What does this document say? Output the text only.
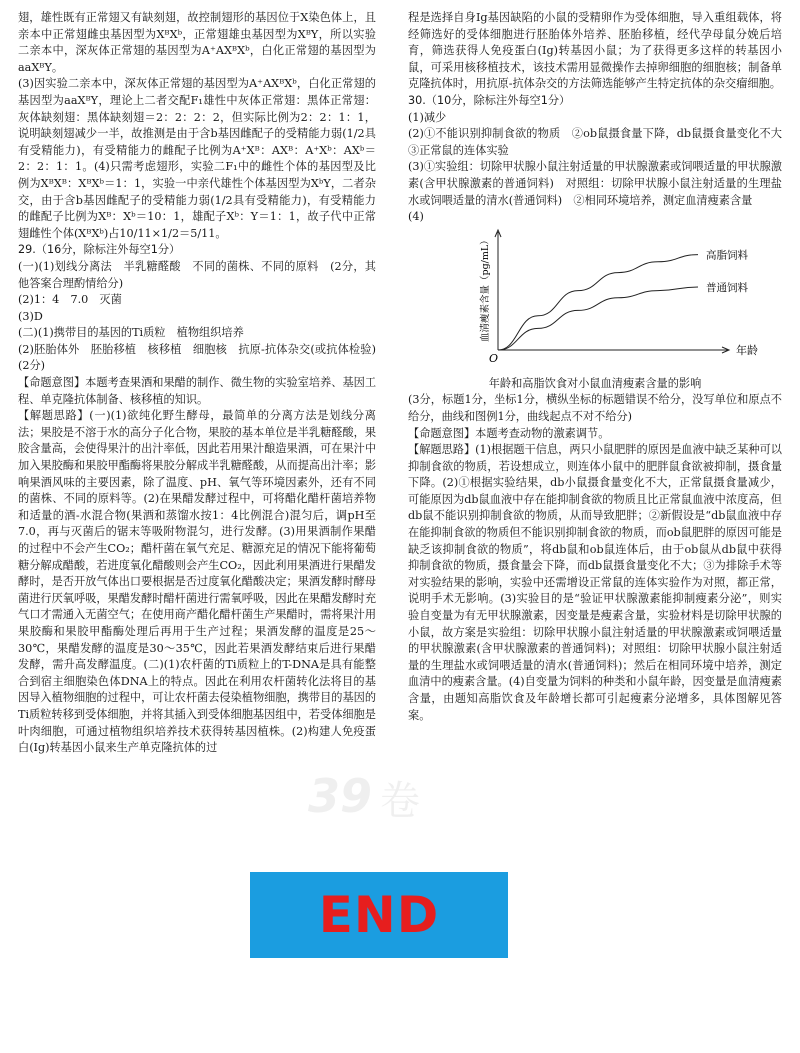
翅，雄性既有正常翅又有缺刻翅，故控制翅形的基因位于X染色体上，且亲本中正常翅雌虫基因型为XᴮXᵇ，正常翅雄虫基因型为XᴮY，所以实验二亲本中，深灰体正常翅的基因型为A⁺AXᴮXᵇ，白化正常翅的基因型为aaXᴮY。

(3)因实验二亲本中，深灰体正常翅的基因型为A⁺AXᴮXᵇ，白化正常翅的基因型为aaXᴮY，理论上二者交配F₁雄性中灰体正常翅：黑体正常翅：灰体缺刻翅：黑体缺刻翅＝2：2：2：2，但实际比例为2：2：1：1，说明缺刻翅减少一半，故推测是由于含b基因雌配子的受精能力弱(1/2具有受精能力)，有受精能力的雌配子比例为A⁺Xᴮ：AXᴮ：A⁺Xᵇ：AXᵇ＝2：2：1：1。(4)只需考虑翅形，实验二F₁中的雌性个体的基因型及比例为XᴮXᴮ：XᴮXᵇ＝1：1，实验一中亲代雄性个体基因型为XᵇY，二者杂交，由于含b基因雌配子的受精能力弱(1/2具有受精能力)，有受精能力的雌配子比例为Xᴮ：Xᵇ＝10：1，雄配子Xᵇ：Y＝1：1，故子代中正常翅雌性个体(XᴮXᵇ)占10/11×1/2＝5/11。

29.（16分，除标注外每空1分）

(一)(1)划线分离法　半乳糖醛酸　不同的菌株、不同的原料　(2分，其他答案合理酌情给分)

(2)1：4　7.0　灭菌

(3)D

(二)(1)携带目的基因的Ti质粒　植物组织培养

(2)胚胎体外　胚胎移植　核移植　细胞核　抗原-抗体杂交(或抗体检验)　(2分)

【命题意图】本题考查果酒和果醋的制作、微生物的实验室培养、基因工程、单克隆抗体制备、核移植的知识。

【解题思路】(一)(1)欲纯化野生酵母，最简单的分离方法是划线分离法；果胶是不溶于水的高分子化合物，果胶的基本单位是半乳糖醛酸，果胶含量高，会使得果汁的出汁率低，因此若用果汁酿造果酒，可在果汁中加入果胶酶和果胶甲酯酶将果胶分解成半乳糖醛酸，从而提高出汁率；影响果酒风味的主要因素，除了温度、pH、氧气等环境因素外，还有不同的菌株、不同的原料等。(2)在果醋发酵过程中，可将醋化醋杆菌培养物和适量的酒-水混合物(果酒和蒸馏水按1：4比例混合)混匀后，调pH至7.0，再与灭菌后的锯末等吸附物混匀，进行发酵。(3)用果酒制作果醋的过程中不会产生CO₂；醋杆菌在氧气充足、糖源充足的情况下能将葡萄糖分解成醋酸，若进度氧化醋酸则会产生CO₂，因此利用果酒进行果醋发酵时，是否开放气体出口要根据是否过度氧化醋酸决定；果酒发酵时酵母菌进行厌氧呼吸，果醋发酵时醋杆菌进行需氧呼吸，因此在果醋发酵时充气口才需通入无菌空气；在使用商产醋化醋杆菌生产果醋时，需将果汁用果胶酶和果胶甲酯酶处理后再用于生产过程；果酒发酵的温度是25～30℃，果醋发酵的温度是30～35℃，因此若果酒发酵结束后进行果醋发酵，需升高发酵温度。(二)(1)农杆菌的Ti质粒上的T-DNA是具有能整合到宿主细胞染色体DNA上的特点。因此在利用农杆菌转化法将目的基因导入植物细胞的过程中，可让农杆菌去侵染植物细胞，携带目的基因的Ti质粒转移到受体细胞，并将其插入到受体细胞基因组中，若受体细胞是叶肉细胞，可通过植物组织培养技术获得转基因植株。(2)构建人免疫蛋白(Ig)转基因小鼠来生产单克隆抗体的过

程是选择自身Ig基因缺陷的小鼠的受精卵作为受体细胞，导入重组载体，将经筛选好的受体细胞进行胚胎体外培养、胚胎移植，经代孕母鼠分娩后培育，筛选获得人免疫蛋白(Ig)转基因小鼠；为了获得更多这样的转基因小鼠，可采用核移植技术，该技术需用显微操作去掉卵细胞的细胞核；制备单克隆抗体时，用抗原-抗体杂交的方法筛选能够产生特定抗体的杂交瘤细胞。

30.（10分，除标注外每空1分）

(1)减少

(2)①不能识别抑制食欲的物质　②ob鼠摄食量下降，db鼠摄食量变化不大　③正常鼠的连体实验

(3)①实验组：切除甲状腺小鼠注射适量的甲状腺激素或饲喂适量的甲状腺激素(含甲状腺激素的普通饲料)　对照组：切除甲状腺小鼠注射适量的生理盐水或饲喂适量的清水(普通饲料)　②相同环境培养，测定血清瘦素含量

(4)

O
年龄
血清瘦素含量（pg/mL）	高脂饲料
普通饲料

年龄和高脂饮食对小鼠血清瘦素含量的影响

(3分，标题1分，坐标1分，横纵坐标的标题错误不给分，没写单位和原点不给分，曲线和图例1分，曲线起点不对不给分)

【命题意图】本题考查动物的激素调节。

【解题思路】(1)根据题干信息，两只小鼠肥胖的原因是血液中缺乏某种可以抑制食欲的物质，若设想成立，则连体小鼠中的肥胖鼠食欲被抑制，摄食量下降。(2)①根据实验结果，db小鼠摄食量变化不大，正常鼠摄食量减少，可能原因为db鼠血液中存在能抑制食欲的物质且比正常鼠血液中浓度高，但db鼠不能识别抑制食欲的物质，从而导致肥胖；②新假设是“db鼠血液中存在能抑制食欲的物质但不能识别抑制食欲的物质，而ob鼠肥胖的原因可能是缺乏该抑制食欲的物质”，将db鼠和ob鼠连体后，由于ob鼠从db鼠中获得抑制食欲的物质，摄食量会下降，而db鼠摄食量变化不大；③为排除手术等对实验结果的影响，实验中还需增设正常鼠的连体实验作为对照，都正常，说明手术无影响。(3)实验目的是“验证甲状腺激素能抑制瘦素分泌”，则实验自变量为有无甲状腺激素，因变量是瘦素含量，实验材料是切除甲状腺的小鼠，故方案是实验组：切除甲状腺小鼠注射适量的甲状腺激素或饲喂适量的甲状腺激素(含甲状腺激素的普通饲料)；对照组：切除甲状腺小鼠注射适量的生理盐水或饲喂适量的清水(普通饲料)；然后在相同环境中培养，测定血清中的瘦素含量。(4)自变量为饲料的种类和小鼠年龄，因变量是血清瘦素含量，由题知高脂饮食及年龄增长都可引起瘦素分泌增多，具体图解见答案。

39 卷
END
